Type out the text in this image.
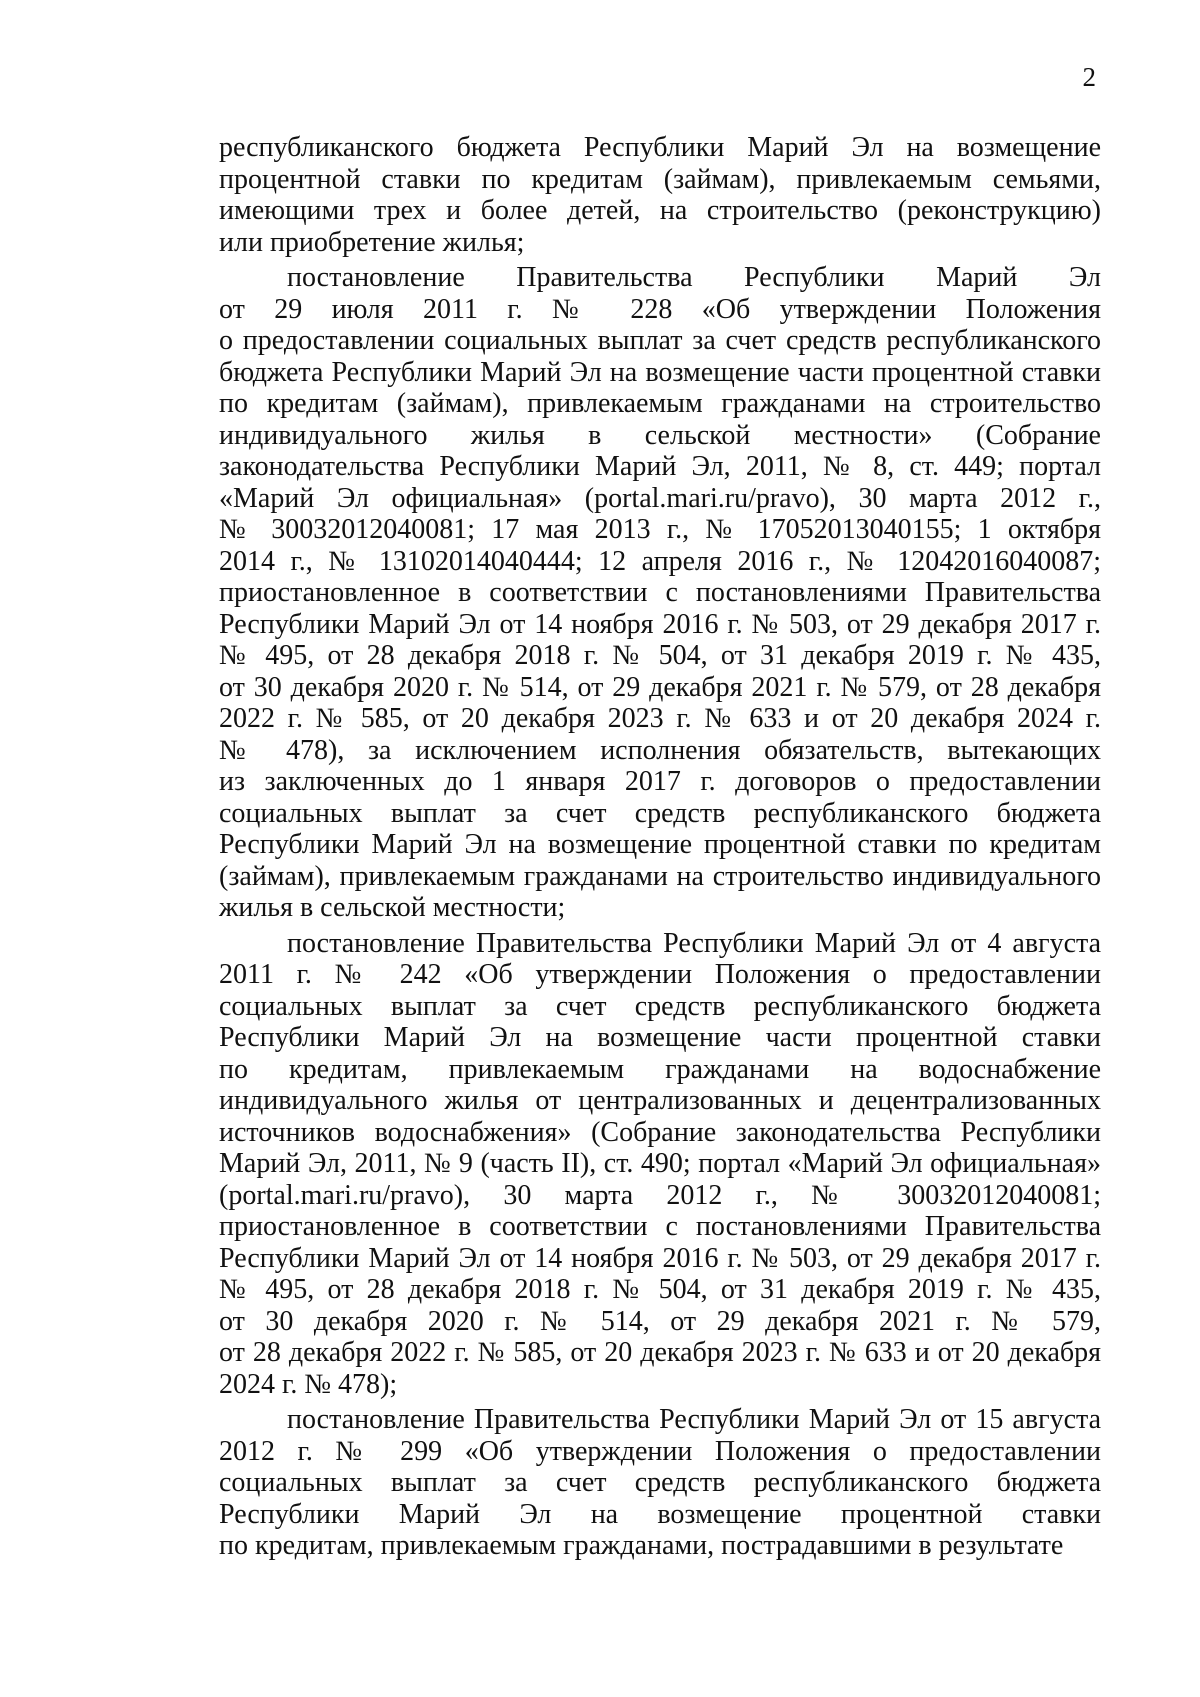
2
республиканского бюджета Республики Марий Эл на возмещение
процентной ставки по кредитам (займам), привлекаемым семьями,
имеющими трех и более детей, на строительство (реконструкцию)
или приобретение жилья;
постановление Правительства Республики Марий Эл
от 29 июля 2011 г. № 228 «Об утверждении Положения
о предоставлении социальных выплат за счет средств республиканского
бюджета Республики Марий Эл на возмещение части процентной ставки
по кредитам (займам), привлекаемым гражданами на строительство
индивидуального жилья в сельской местности» (Собрание
законодательства Республики Марий Эл, 2011, № 8, ст. 449; портал
«Марий Эл официальная» (portal.mari.ru/pravo), 30 марта 2012 г.,
№ 30032012040081; 17 мая 2013 г., № 17052013040155; 1 октября
2014 г., № 13102014040444; 12 апреля 2016 г., № 12042016040087;
приостановленное в соответствии с постановлениями Правительства
Республики Марий Эл от 14 ноября 2016 г. № 503, от 29 декабря 2017 г.
№ 495, от 28 декабря 2018 г. № 504, от 31 декабря 2019 г. № 435,
от 30 декабря 2020 г. № 514, от 29 декабря 2021 г. № 579, от 28 декабря
2022 г. № 585, от 20 декабря 2023 г. № 633 и от 20 декабря 2024 г.
№ 478), за исключением исполнения обязательств, вытекающих
из заключенных до 1 января 2017 г. договоров о предоставлении
социальных выплат за счет средств республиканского бюджета
Республики Марий Эл на возмещение процентной ставки по кредитам
(займам), привлекаемым гражданами на строительство индивидуального
жилья в сельской местности;
постановление Правительства Республики Марий Эл от 4 августа
2011 г. № 242 «Об утверждении Положения о предоставлении
социальных выплат за счет средств республиканского бюджета
Республики Марий Эл на возмещение части процентной ставки
по кредитам, привлекаемым гражданами на водоснабжение
индивидуального жилья от централизованных и децентрализованных
источников водоснабжения» (Собрание законодательства Республики
Марий Эл, 2011, № 9 (часть II), ст. 490; портал «Марий Эл официальная»
(portal.mari.ru/pravo), 30 марта 2012 г., № 30032012040081;
приостановленное в соответствии с постановлениями Правительства
Республики Марий Эл от 14 ноября 2016 г. № 503, от 29 декабря 2017 г.
№ 495, от 28 декабря 2018 г. № 504, от 31 декабря 2019 г. № 435,
от 30 декабря 2020 г. № 514, от 29 декабря 2021 г. № 579,
от 28 декабря 2022 г. № 585, от 20 декабря 2023 г. № 633 и от 20 декабря
2024 г. № 478);
постановление Правительства Республики Марий Эл от 15 августа
2012 г. № 299 «Об утверждении Положения о предоставлении
социальных выплат за счет средств республиканского бюджета
Республики Марий Эл на возмещение процентной ставки
по кредитам, привлекаемым гражданами, пострадавшими в результате
